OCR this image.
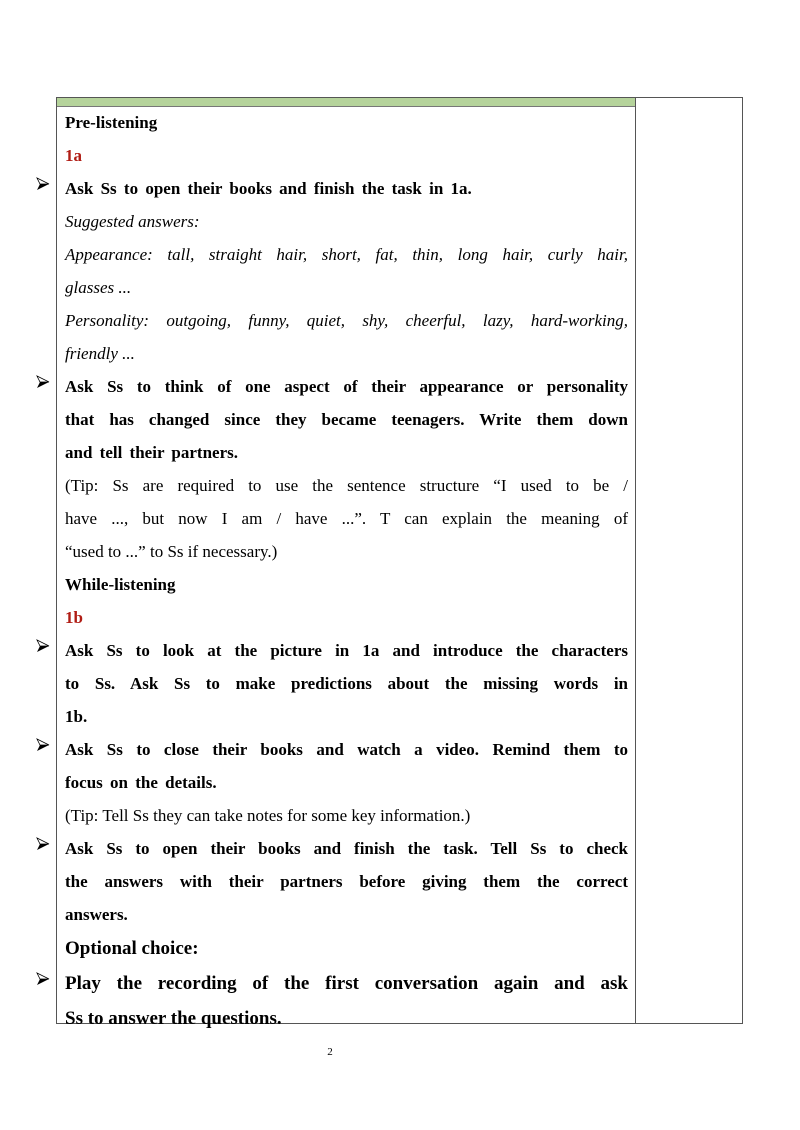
Pre-listening
1a
Ask Ss to open their books and finish the task in 1a.
Suggested answers:
Appearance: tall, straight hair, short, fat, thin, long hair, curly hair,
glasses ...
Personality: outgoing, funny, quiet, shy, cheerful, lazy, hard-working,
friendly ...
Ask Ss to think of one aspect of their appearance or personality
that has changed since they became teenagers. Write them down
and tell their partners.
(Tip: Ss are required to use the sentence structure “I used to be /
have ..., but now I am / have ...”. T can explain the meaning of
“used to ...” to Ss if necessary.)
While-listening
1b
Ask Ss to look at the picture in 1a and introduce the characters
to Ss. Ask Ss to make predictions about the missing words in
1b.
Ask Ss to close their books and watch a video. Remind them to
focus on the details.
(Tip: Tell Ss they can take notes for some key information.)
Ask Ss to open their books and finish the task. Tell Ss to check
the answers with their partners before giving them the correct
answers.
Optional choice:
Play the recording of the first conversation again and ask
Ss to answer the questions.
2
